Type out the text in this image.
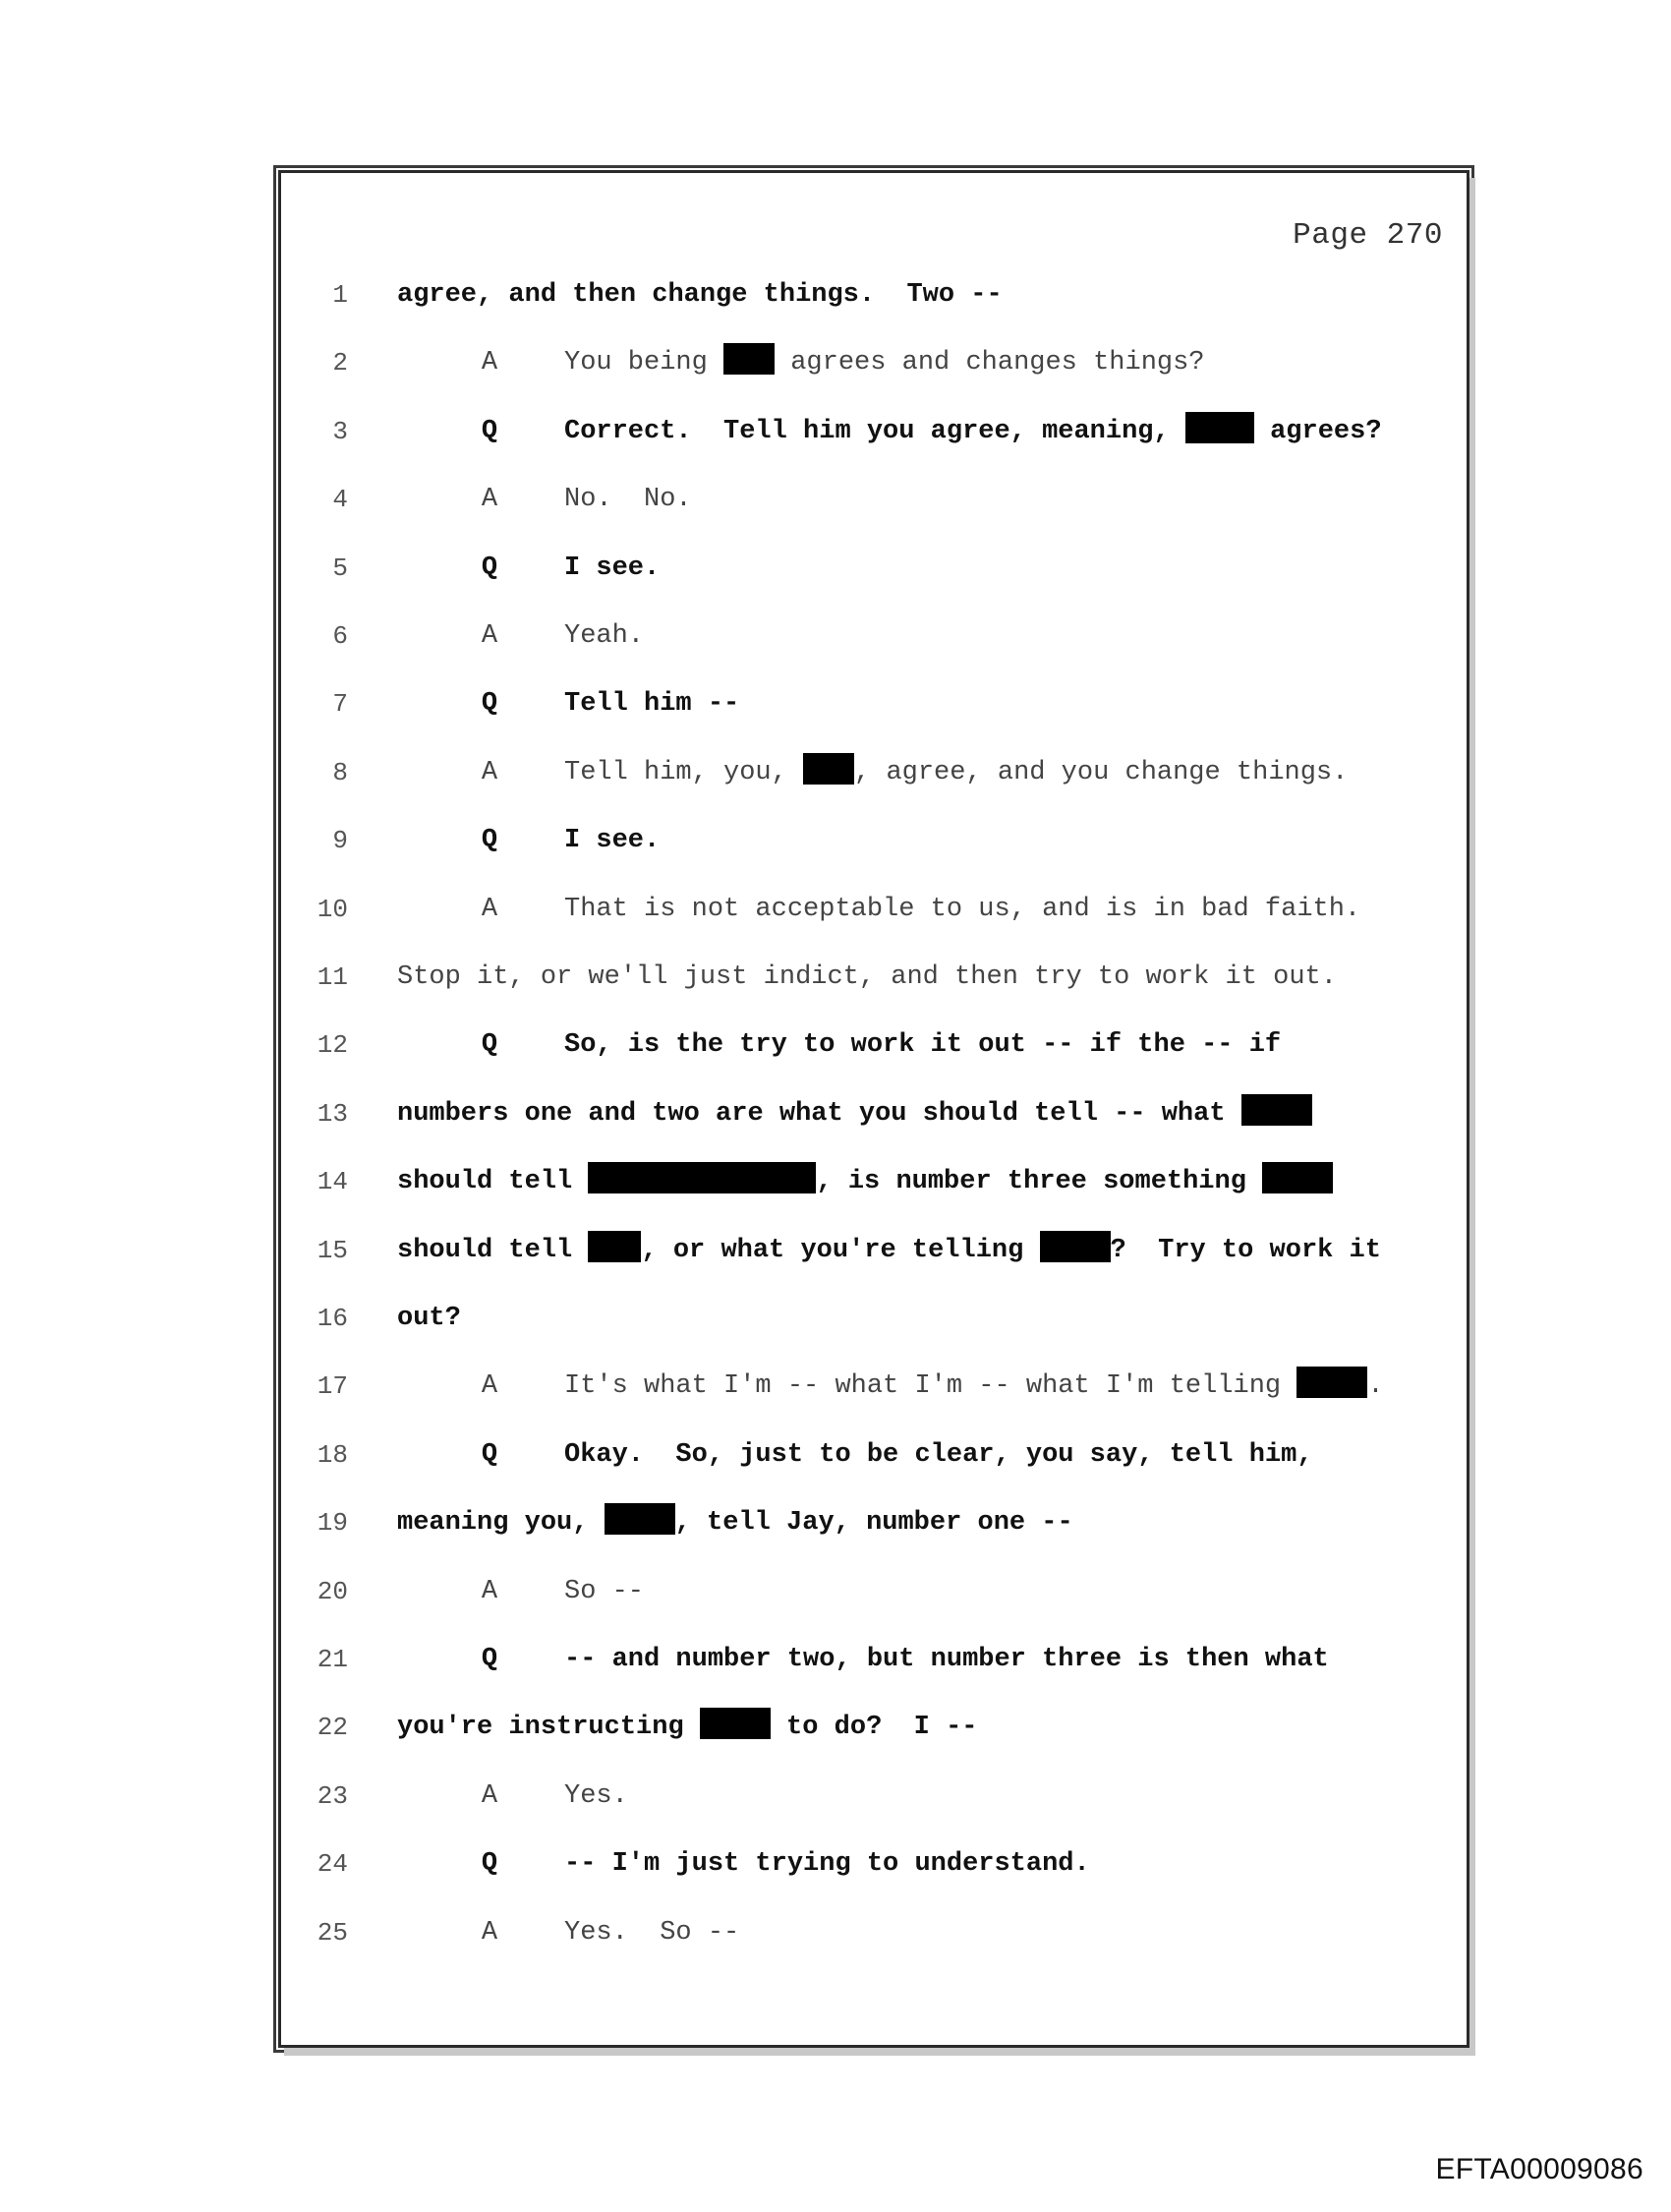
Page 270
1 agree, and then change things.  Two --
2	A	You being  agrees and changes things?
3	Q	Correct.  Tell him you agree, meaning,	agrees?
4	A	No.  No.
5	Q	I see.
6	A	Yeah.
7	Q	Tell him --
8	A	Tell him, you, , agree, and you change things.
9	Q	I see.
10	A	That is not acceptable to us, and is in bad faith.
11 Stop it, or we'll just indict, and then try to work it out.
12	Q	So, is the try to work it out -- if the -- if
13 numbers one and two are what you should tell -- what
14 should tell	, is number three something
15 should tell , or what you're telling	?  Try to work it
16 out?
17	A	It's what I'm -- what I'm -- what I'm telling	.
18	Q	Okay.  So, just to be clear, you say, tell him,
19 meaning you,	, tell Jay, number one --
20	A	So --
21	Q	-- and number two, but number three is then what
22 you're instructing	to do?  I --
23	A	Yes.
24	Q	-- I'm just trying to understand.
25	A	Yes.  So --
EFTA00009086
